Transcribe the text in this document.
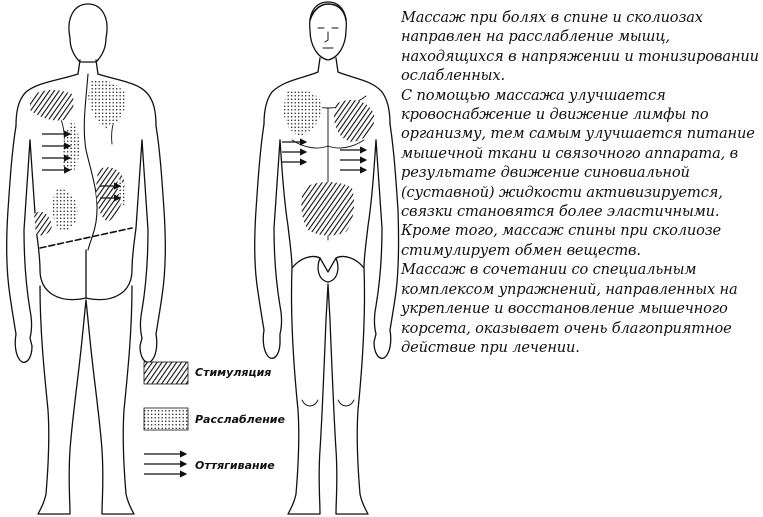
Стимуляция
Расслабление
Оттягивание

Массаж при болях в спине и сколиозах направлен на расслабление мышц, находящихся в напряжении и тонизировании ослабленных.

С помощью массажа улучшается кровоснабжение и движение лимфы по организму, тем самым улучшается питание мышечной ткани и связочного аппарата, в результате движение синовиальной (суставной) жидкости активизируется, связки становятся более эластичными. Кроме того, массаж спины при сколиозе стимулирует обмен веществ.

Массаж в сочетании со специальным комплексом упражнений, направленных на укрепление и восстановление мышечного корсета, оказывает очень благоприятное действие при лечении.
